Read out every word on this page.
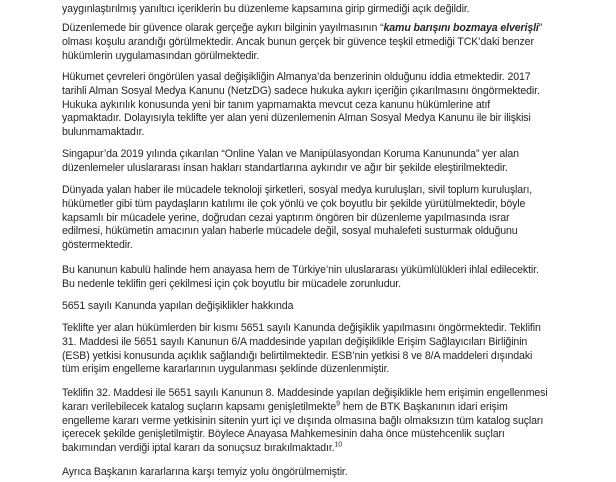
yaygınlaştırılmış yanıltıcı içeriklerin bu düzenleme kapsamına girip girmediği açık değildir.

Düzenlemede bir güvence olarak gerçeğe aykırı bilginin yayılmasının “kamu barışını bozmaya elverişli”
olması koşulu arandığı görülmektedir. Ancak bunun gerçek bir güvence teşkil etmediği TCK’daki benzer
hükümlerin uygulamasından görülmektedir.

Hükumet çevreleri öngörülen yasal değişikliğin Almanya’da benzerinin olduğunu iddia etmektedir. 2017
tarihli Alman Sosyal Medya Kanunu (NetzDG) sadece hukuka aykırı içeriğin çıkarılmasını öngörmektedir.
Hukuka aykırılık konusunda yeni bir tanım yapmamakta mevcut ceza kanunu hükümlerine atıf
yapmaktadır. Dolayısıyla teklifte yer alan yeni düzenlemenin Alman Sosyal Medya Kanunu ile bir ilişkisi
bulunmamaktadır.

Singapur’da 2019 yılında çıkarılan “Online Yalan ve Manipülasyondan Koruma Kanununda” yer alan
düzenlemeler uluslararası insan hakları standartlarına aykırıdır ve ağır bir şekilde eleştirilmektedir.

Dünyada yalan haber ile mücadele teknoloji şirketleri, sosyal medya kuruluşları, sivil toplum kuruluşları,
hükümetler gibi tüm paydaşların katılımı ile çok yönlü ve çok boyutlu bir şekilde yürütülmektedir, böyle
kapsamlı bir mücadele yerine, doğrudan cezai yaptırım öngören bir düzenleme yapılmasında ısrar
edilmesi, hükümetin amacının yalan haberle mücadele değil, sosyal muhalefeti susturmak olduğunu
göstermektedir.

Bu kanunun kabulü halinde hem anayasa hem de Türkiye’nin uluslararası yükümlülükleri ihlal edilecektir.
Bu nedenle teklifin geri çekilmesi için çok boyutlu bir mücadele zorunludur.

5651 sayılı Kanunda yapılan değişiklikler hakkında

Teklifte yer alan hükümlerden bir kısmı 5651 sayılı Kanunda değişiklik yapılmasını öngörmektedir. Teklifin
31. Maddesi ile 5651 sayılı Kanunun 6/A maddesinde yapılan değişiklikle Erişim Sağlayıcıları Birliğinin
(ESB) yetkisi konusunda açıklık sağlandığı belirtilmektedir. ESB’nin yetkisi 8 ve 8/A maddeleri dışındaki
tüm erişim engelleme kararlarının uygulanması şeklinde düzenlenmiştir.

Teklifin 32. Maddesi ile 5651 sayılı Kanunun 8. Maddesinde yapılan değişiklikle hem erişimin engellenmesi
kararı verilebilecek katalog suçların kapsamı genişletilmekte$^9$ hem de BTK Başkanının idari erişim
engelleme kararı verme yetkisinin sitenin yurt içi ve dışında olmasına bağlı olmaksızın tüm katalog suçları
içerecek şekilde genişletilmiştir. Böylece Anayasa Mahkemesinin daha önce müstehcenlik suçları
bakımından verdiği iptal kararı da sonuçsuz bırakılmaktadır.$^{10}$

Ayrıca Başkanın kararlarına karşı temyiz yolu öngörülmemiştir.
